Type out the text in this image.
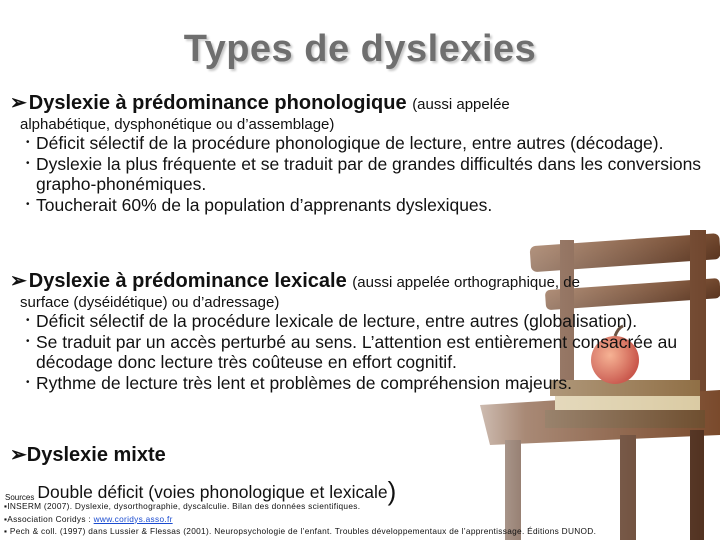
Types de dyslexies
➢ Dyslexie à prédominance phonologique (aussi appelée
alphabétique, dysphonétique ou d’assemblage)
• Déficit sélectif de la procédure phonologique de lecture, entre autres (décodage).
• Dyslexie la plus fréquente et se traduit par de grandes difficultés dans les conversions grapho-phonémiques.
• Toucherait 60% de la population d’apprenants dyslexiques.
➢ Dyslexie à prédominance lexicale (aussi appelée orthographique, de
surface (dyséidétique) ou d’adressage)
• Déficit sélectif de la procédure lexicale de lecture, entre autres (globalisation).
• Se traduit par un accès perturbé au sens. L’attention est entièrement consacrée au décodage donc lecture très coûteuse en effort cognitif.
• Rythme de lecture très lent et problèmes de compréhension majeurs.
➢Dyslexie mixte
Sources Double déficit (voies phonologique et lexicale)
▪INSERM (2007). Dyslexie, dysorthographie, dyscalculie. Bilan des données scientifiques.
▪Association Coridys : www.coridys.asso.fr
▪ Pech & coll. (1997) dans Lussier & Flessas (2001). Neuropsychologie de l’enfant. Troubles développementaux de l’apprentissage. Éditions DUNOD.
